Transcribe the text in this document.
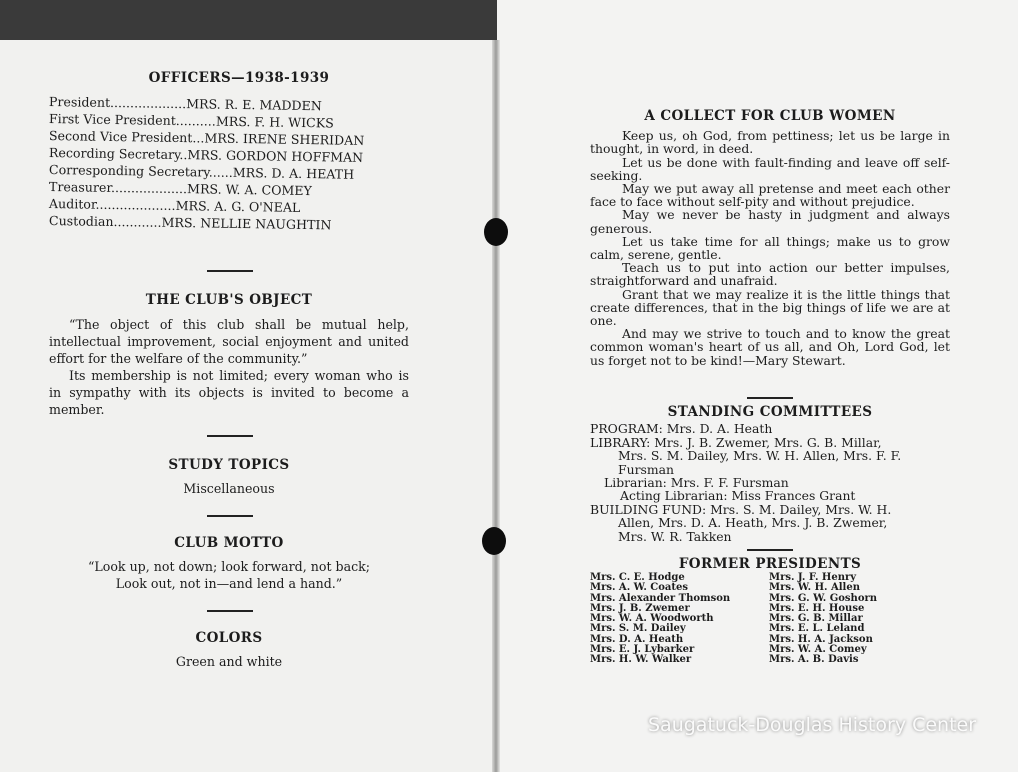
OFFICERS—1938-1939
President...................MRS. R. E. MADDEN
First Vice President..........MRS. F. H. WICKS
Second Vice President...MRS. IRENE SHERIDAN
Recording Secretary..MRS. GORDON HOFFMAN
Corresponding Secretary......MRS. D. A. HEATH
Treasurer...................MRS. W. A. COMEY
Auditor....................MRS. A. G. O'NEAL
Custodian............MRS. NELLIE NAUGHTIN
THE CLUB'S OBJECT

“The object of this club shall be mutual help, intellectual improvement, social enjoyment and united effort for the welfare of the community.”

Its membership is not limited; every woman who is in sympathy with its objects is invited to become a member.

STUDY TOPICS
Miscellaneous
CLUB MOTTO
“Look up, not down; look forward, not back;
Look out, not in—and lend a hand.”
COLORS
Green and white
A COLLECT FOR CLUB WOMEN

Keep us, oh God, from pettiness; let us be large in thought, in word, in deed.

Let us be done with fault-finding and leave off self-seeking.

May we put away all pretense and meet each other face to face without self-pity and without prejudice.

May we never be hasty in judgment and always generous.

Let us take time for all things; make us to grow calm, serene, gentle.

Teach us to put into action our better impulses, straightforward and unafraid.

Grant that we may realize it is the little things that create differences, that in the big things of life we are at one.

And may we strive to touch and to know the great common woman's heart of us all, and Oh, Lord God, let us forget not to be kind!—Mary Stewart.

STANDING COMMITTEES
PROGRAM: Mrs. D. A. Heath
LIBRARY: Mrs. J. B. Zwemer, Mrs. G. B. Millar,
Mrs. S. M. Dailey, Mrs. W. H. Allen, Mrs. F. F.
Fursman
Librarian: Mrs. F. F. Fursman
Acting Librarian: Miss Frances Grant
BUILDING FUND: Mrs. S. M. Dailey, Mrs. W. H.
Allen, Mrs. D. A. Heath, Mrs. J. B. Zwemer,
Mrs. W. R. Takken
FORMER PRESIDENTS
Mrs. C. E. Hodge
Mrs. A. W. Coates
Mrs. Alexander Thomson
Mrs. J. B. Zwemer
Mrs. W. A. Woodworth
Mrs. S. M. Dailey
Mrs. D. A. Heath
Mrs. E. J. Lybarker
Mrs. H. W. Walker
Mrs. J. F. Henry
Mrs. W. H. Allen
Mrs. G. W. Goshorn
Mrs. E. H. House
Mrs. G. B. Millar
Mrs. E. L. Leland
Mrs. H. A. Jackson
Mrs. W. A. Comey
Mrs. A. B. Davis
Saugatuck-Douglas History Center
